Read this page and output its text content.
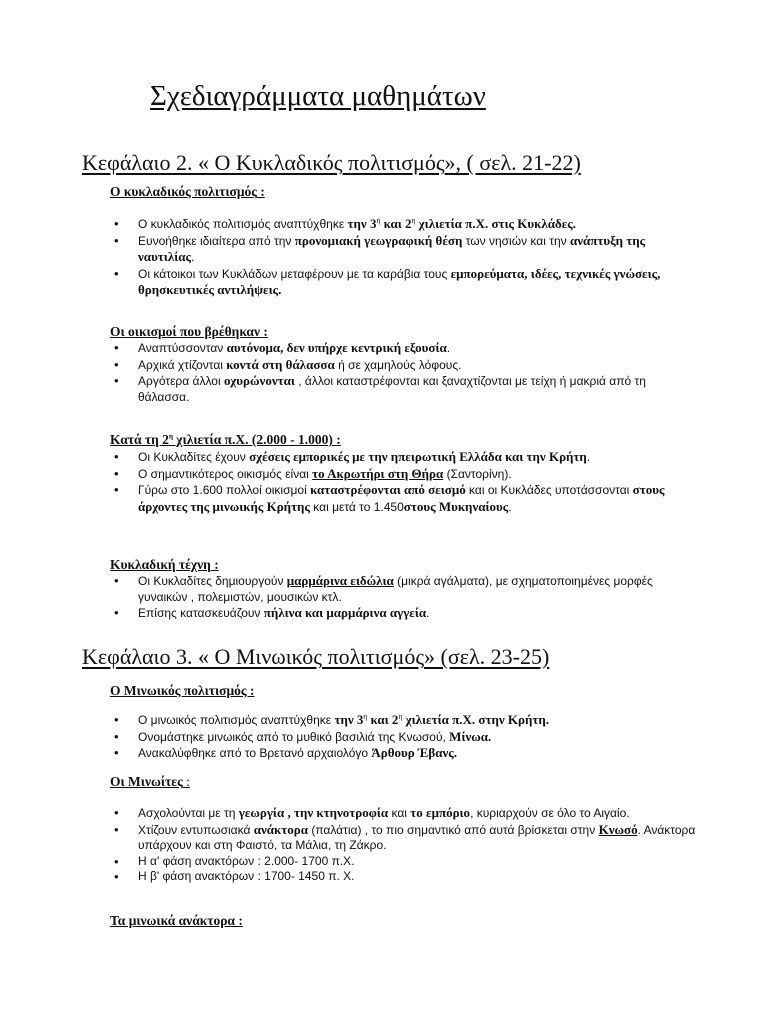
Σχεδιαγράμματα μαθημάτων
Κεφάλαιο 2. « Ο Κυκλαδικός πολιτισμός», ( σελ. 21-22)
Ο κυκλαδικός πολιτισμός :
• Ο κυκλαδικός πολιτισμός αναπτύχθηκε την $3^\eta$ και $2^\eta$ χιλιετία π.Χ. στις Κυκλάδες.
• Ευνοήθηκε ιδιαίτερα από την προνομιακή γεωγραφική θέση των νησιών και την ανάπτυξη της ναυτιλίας.
• Οι κάτοικοι των Κυκλάδων μεταφέρουν με τα καράβια τους εμπορεύματα, ιδέες, τεχνικές γνώσεις, θρησκευτικές αντιλήψεις.
Οι οικισμοί που βρέθηκαν :
• Αναπτύσσονταν αυτόνομα, δεν υπήρχε κεντρική εξουσία.
• Αρχικά χτίζονται κοντά στη θάλασσα ή σε χαμηλούς λόφους.
• Αργότερα άλλοι οχυρώνονται , άλλοι καταστρέφονται και ξαναχτίζονται με τείχη ή μακριά από τη θάλασσα.
Κατά τη $2^\eta$ χιλιετία π.Χ. (2.000 - 1.000) :
• Οι Κυκλαδίτες έχουν σχέσεις εμπορικές με την ηπειρωτική Ελλάδα και την Κρήτη.
• Ο σημαντικότερος οικισμός είναι το Ακρωτήρι στη Θήρα (Σαντορίνη).
• Γύρω στο 1.600 πολλοί οικισμοί καταστρέφονται από σεισμό και οι Κυκλάδες υποτάσσονται στους άρχοντες της μινωικής Κρήτης και μετά το 1.450στους Μυκηναίους.
Κυκλαδική τέχνη :
• Οι Κυκλαδίτες δημιουργούν μαρμάρινα ειδώλια (μικρά αγάλματα), με σχηματοποιημένες μορφές γυναικών , πολεμιστών, μουσικών κτλ.
• Επίσης κατασκευάζουν πήλινα και μαρμάρινα αγγεία.
Κεφάλαιο 3. « Ο Μινωικός πολιτισμός» (σελ. 23-25)
Ο Μινωικός πολιτισμός :
• Ο μινωικός πολιτισμός αναπτύχθηκε την $3^\eta$ και $2^\eta$ χιλιετία π.Χ. στην Κρήτη.
• Ονομάστηκε μινωικός από το μυθικό βασιλιά της Κνωσού, Μίνωα.
• Ανακαλύφθηκε από το Βρετανό αρχαιολόγο Άρθουρ Έβανς.
Οι Μινωίτες :
• Ασχολούνται με τη γεωργία , την κτηνοτροφία και το εμπόριο, κυριαρχούν σε όλο το Αιγαίο.
• Χτίζουν εντυπωσιακά ανάκτορα (παλάτια) , το πιο σημαντικό από αυτά βρίσκεται στην Κνωσό. Ανάκτορα υπάρχουν και στη Φαιστό, τα Μάλια, τη Ζάκρο.
• Η α' φάση ανακτόρων : 2.000- 1700 π.Χ.
• Η β' φάση ανακτόρων : 1700- 1450 π. Χ.
Τα μινωικά ανάκτορα :
